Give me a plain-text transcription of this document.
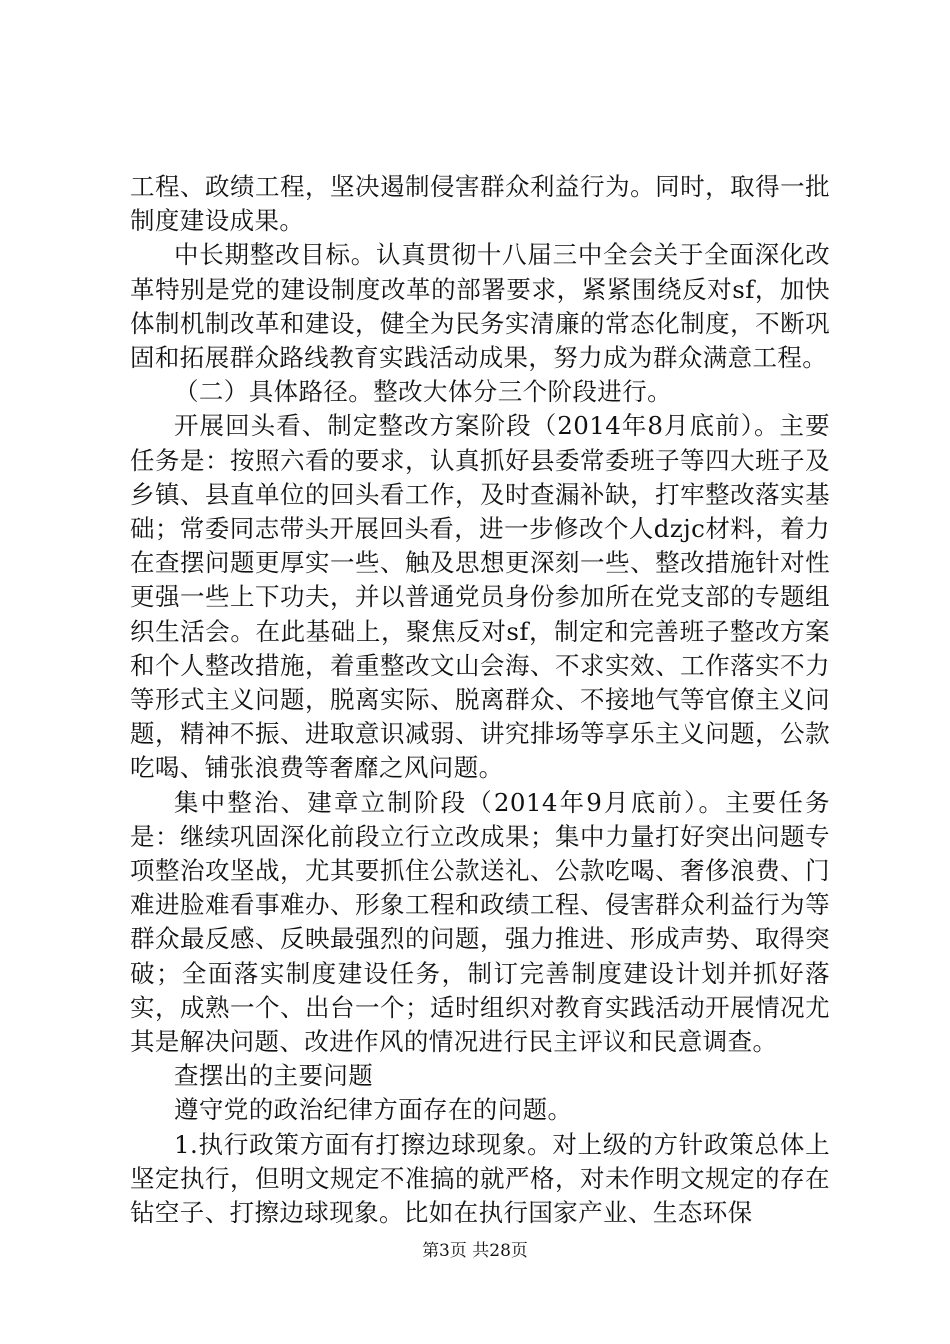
工程、政绩工程，坚决遏制侵害群众利益行为。同时，取得一批制度建设成果。

中长期整改目标。认真贯彻十八届三中全会关于全面深化改革特别是党的建设制度改革的部署要求，紧紧围绕反对sf，加快体制机制改革和建设，健全为民务实清廉的常态化制度，不断巩固和拓展群众路线教育实践活动成果，努力成为群众满意工程。

（二）具体路径。整改大体分三个阶段进行。

开展回头看、制定整改方案阶段（2014年8月底前）。主要任务是：按照六看的要求，认真抓好县委常委班子等四大班子及乡镇、县直单位的回头看工作，及时查漏补缺，打牢整改落实基础；常委同志带头开展回头看，进一步修改个人dzjc材料，着力在查摆问题更厚实一些、触及思想更深刻一些、整改措施针对性更强一些上下功夫，并以普通党员身份参加所在党支部的专题组织生活会。在此基础上，聚焦反对sf，制定和完善班子整改方案和个人整改措施，着重整改文山会海、不求实效、工作落实不力等形式主义问题，脱离实际、脱离群众、不接地气等官僚主义问题，精神不振、进取意识减弱、讲究排场等享乐主义问题，公款吃喝、铺张浪费等奢靡之风问题。

集中整治、建章立制阶段（2014年9月底前）。主要任务是：继续巩固深化前段立行立改成果；集中力量打好突出问题专项整治攻坚战，尤其要抓住公款送礼、公款吃喝、奢侈浪费、门难进脸难看事难办、形象工程和政绩工程、侵害群众利益行为等群众最反感、反映最强烈的问题，强力推进、形成声势、取得突破；全面落实制度建设任务，制订完善制度建设计划并抓好落实，成熟一个、出台一个；适时组织对教育实践活动开展情况尤其是解决问题、改进作风的情况进行民主评议和民意调查。

查摆出的主要问题

遵守党的政治纪律方面存在的问题。

1.执行政策方面有打擦边球现象。对上级的方针政策总体上坚定执行，但明文规定不准搞的就严格，对未作明文规定的存在钻空子、打擦边球现象。比如在执行国家产业、生态环保

第3页 共28页
